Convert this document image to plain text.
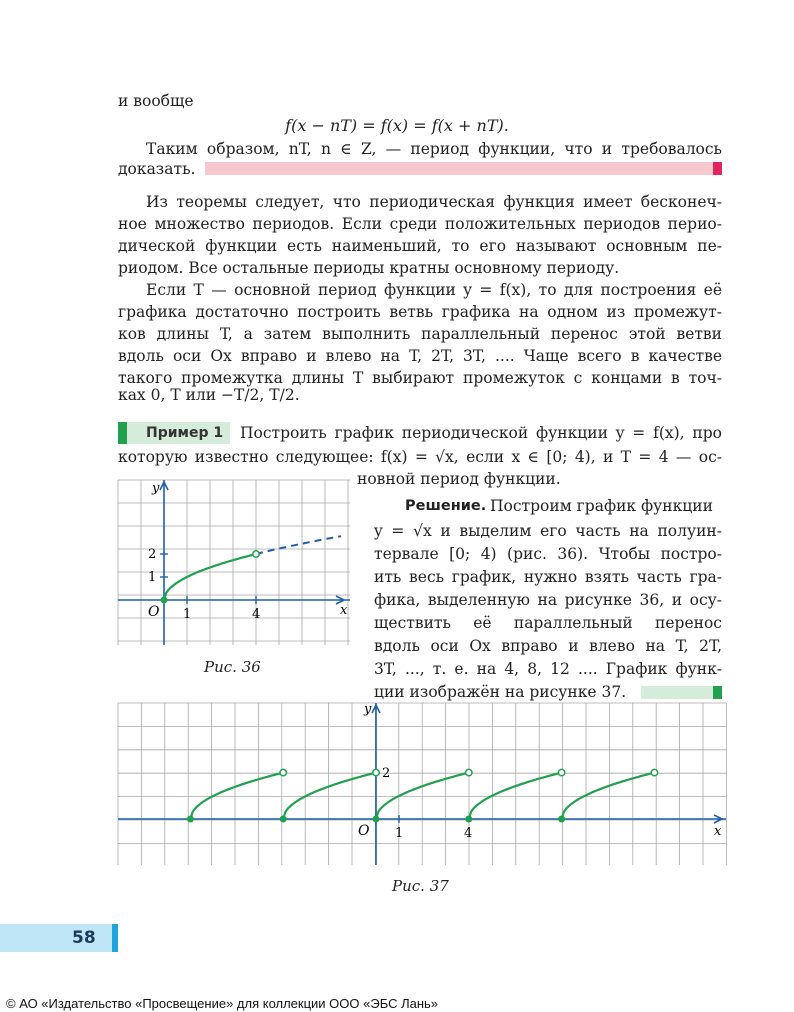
и вообще
f(x − nT) = f(x) = f(x + nT).
Таким образом, nT, n ∈ Z, — период функции, что и требовалось
доказать.
Из теоремы следует, что периодическая функция имеет бесконеч-
ное множество периодов. Если среди положительных периодов перио-
дической функции есть наименьший, то его называют основным пе-
риодом. Все остальные периоды кратны основному периоду.
Если T — основной период функции y = f(x), то для построения её
графика достаточно построить ветвь графика на одном из промежут-
ков длины T, а затем выполнить параллельный перенос этой ветви
вдоль оси Ox вправо и влево на T, 2T, 3T, .... Чаще всего в качестве
такого промежутка длины T выбирают промежуток с концами в точ-
ках 0, T или −T/2, T/2.
Пример 1 Построить график периодической функции y = f(x), про
которую известно следующее: f(x) = √x, если x ∈ [0; 4), и T = 4 — ос-
новной период функции.
Решение. Построим график функции
y = √x и выделим его часть на полуин-
тервале [0; 4) (рис. 36). Чтобы постро-
ить весь график, нужно взять часть гра-
фика, выделенную на рисунке 36, и осу-
ществить её параллельный перенос
вдоль оси Ox вправо и влево на T, 2T,
3T, ..., т. е. на 4, 8, 12 .... График функ-
ции изображён на рисунке 37.
y
x
O 1	4
1
2
Рис. 36
y
x
O 1	4
2
Рис. 37
58
© АО «Издательство «Просвещение» для коллекции ООО «ЭБС Лань»
